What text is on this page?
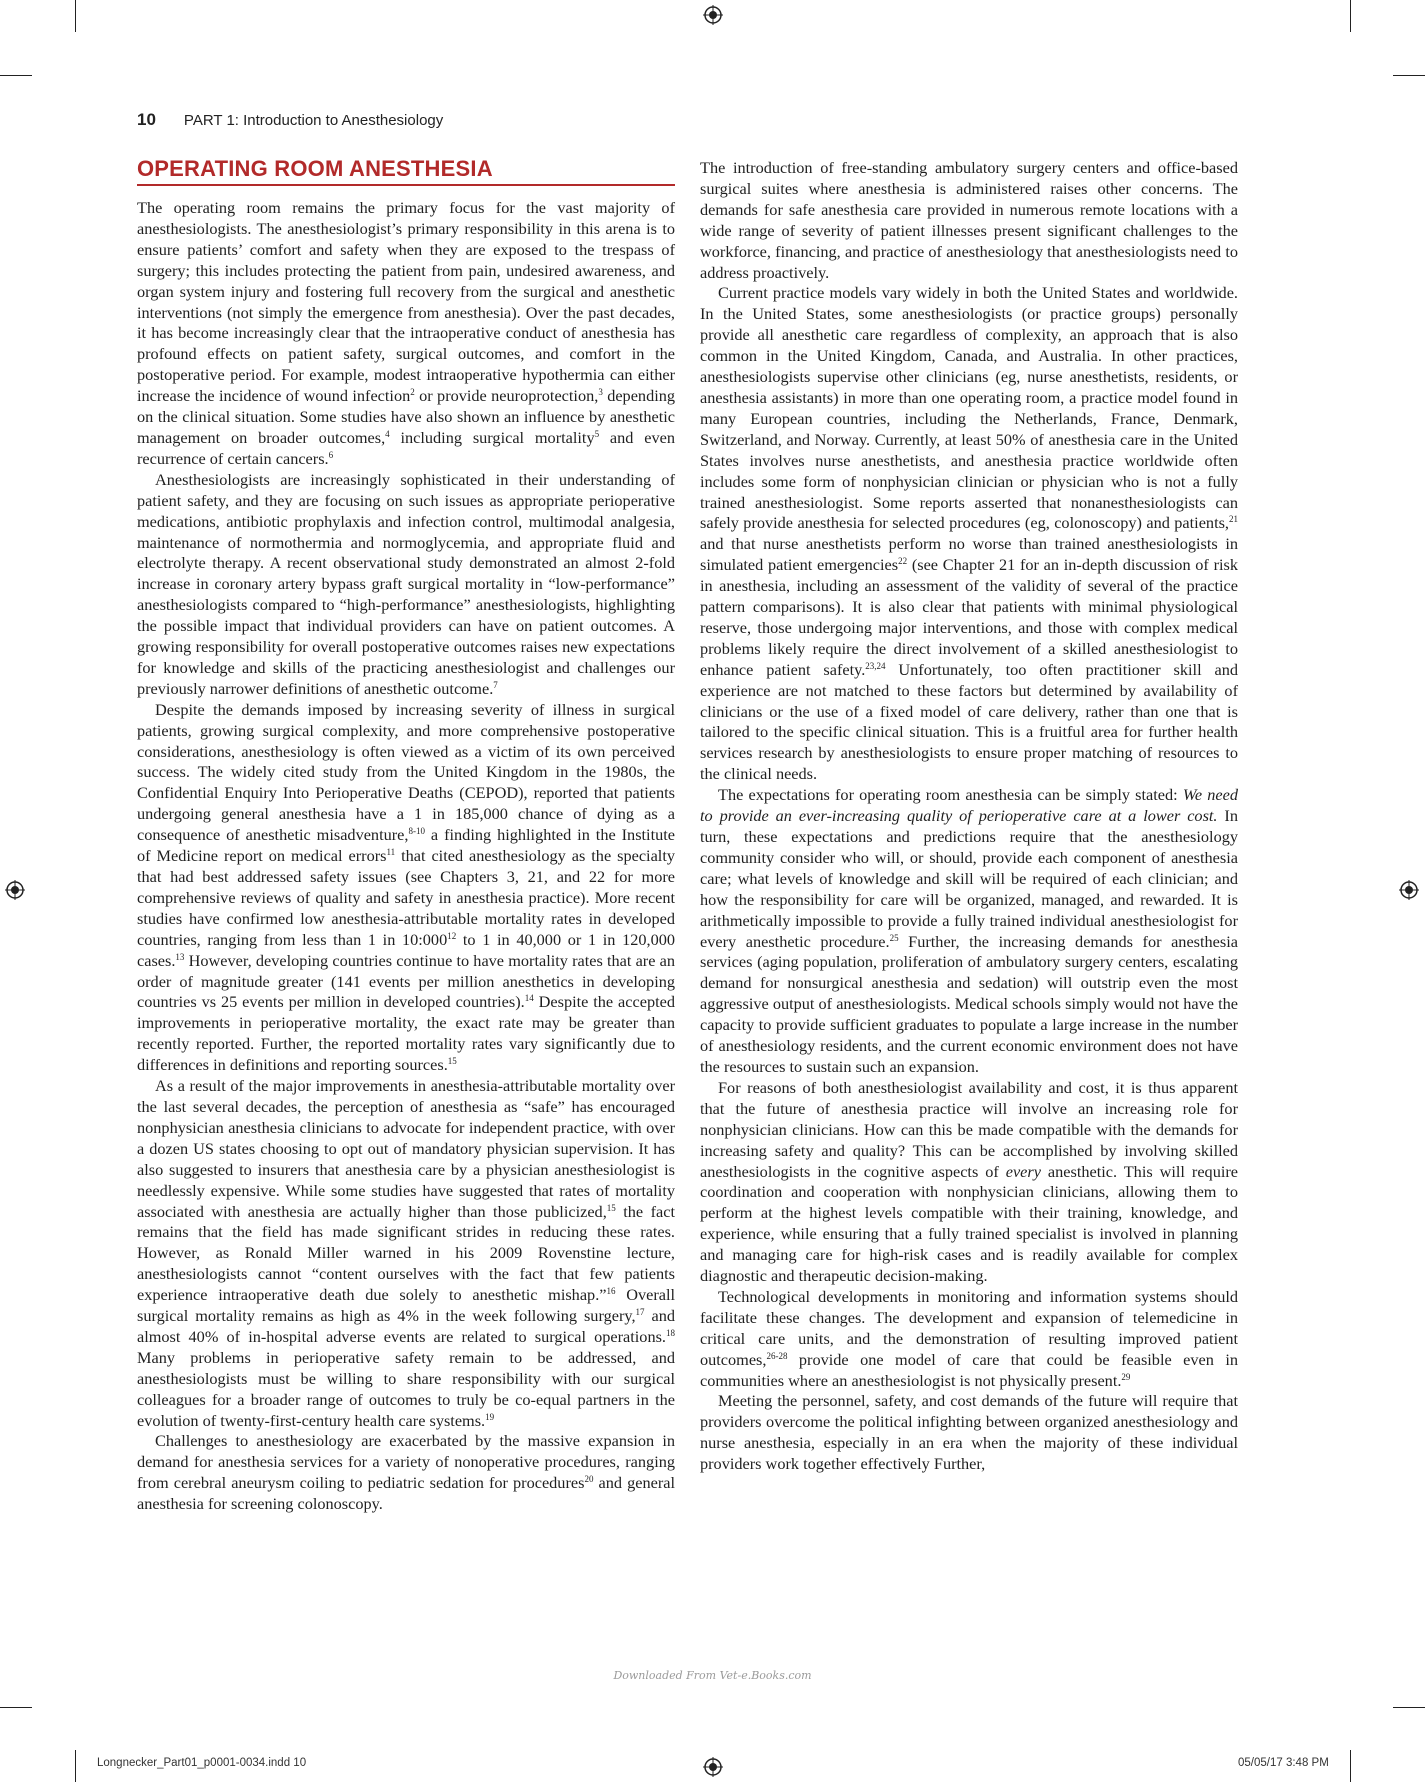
10 PART 1: Introduction to Anesthesiology
OPERATING ROOM ANESTHESIA

The operating room remains the primary focus for the vast majority of anesthesiologists. The anesthesiologist’s primary responsibility in this arena is to ensure patients’ comfort and safety when they are exposed to the trespass of surgery; this includes protecting the patient from pain, undesired awareness, and organ system injury and fostering full recovery from the surgical and anesthetic interventions (not simply the emergence from anesthesia). Over the past decades, it has become increasingly clear that the intraoperative conduct of anesthesia has profound effects on patient safety, surgical outcomes, and comfort in the postoperative period. For example, modest intraoperative hypothermia can either increase the incidence of wound infection$^2$ or provide neuroprotection,$^3$ depending on the clinical situation. Some studies have also shown an influence by anesthetic management on broader outcomes,$^4$ including surgical mortality$^5$ and even recurrence of certain cancers.$^6$

Anesthesiologists are increasingly sophisticated in their understanding of patient safety, and they are focusing on such issues as appropriate perioperative medications, antibiotic prophylaxis and infection control, multimodal analgesia, maintenance of normothermia and normoglycemia, and appropriate fluid and electrolyte therapy. A recent observational study demonstrated an almost 2-fold increase in coronary artery bypass graft surgical mortality in “low-performance” anesthesiologists compared to “high-performance” anesthesiologists, highlighting the possible impact that individual providers can have on patient outcomes. A growing responsibility for overall postoperative outcomes raises new expectations for knowledge and skills of the practicing anesthesiologist and challenges our previously narrower definitions of anesthetic outcome.$^7$

Despite the demands imposed by increasing severity of illness in surgical patients, growing surgical complexity, and more comprehensive postoperative considerations, anesthesiology is often viewed as a victim of its own perceived success. The widely cited study from the United Kingdom in the 1980s, the Confidential Enquiry Into Perioperative Deaths (CEPOD), reported that patients undergoing general anesthesia have a 1 in 185,000 chance of dying as a consequence of anesthetic misadventure,$^{8-10}$ a finding highlighted in the Institute of Medicine report on medical errors$^{11}$ that cited anesthesiology as the specialty that had best addressed safety issues (see Chapters 3, 21, and 22 for more comprehensive reviews of quality and safety in anesthesia practice). More recent studies have confirmed low anesthesia-attributable mortality rates in developed countries, ranging from less than 1 in $10:000^{12}$ to 1 in 40,000 or 1 in 120,000 cases.$^{13}$ However, developing countries continue to have mortality rates that are an order of magnitude greater (141 events per million anesthetics in developing countries vs 25 events per million in developed countries).$^{14}$ Despite the accepted improvements in perioperative mortality, the exact rate may be greater than recently reported. Further, the reported mortality rates vary significantly due to differences in definitions and reporting sources.$^{15}$

As a result of the major improvements in anesthesia-attributable mortality over the last several decades, the perception of anesthesia as “safe” has encouraged nonphysician anesthesia clinicians to advocate for independent practice, with over a dozen US states choosing to opt out of mandatory physician supervision. It has also suggested to insurers that anesthesia care by a physician anesthesiologist is needlessly expensive. While some studies have suggested that rates of mortality associated with anesthesia are actually higher than those publicized,$^{15}$ the fact remains that the field has made significant strides in reducing these rates. However, as Ronald Miller warned in his 2009 Rovenstine lecture, anesthesiologists cannot “content ourselves with the fact that few patients experience intraoperative death due solely to anesthetic mishap.”$^{16}$ Overall surgical mortality remains as high as 4% in the week following surgery,$^{17}$ and almost 40% of in-hospital adverse events are related to surgical operations.$^{18}$ Many problems in perioperative safety remain to be addressed, and anesthesiologists must be willing to share responsibility with our surgical colleagues for a broader range of outcomes to truly be co-equal partners in the evolution of twenty-first-century health care systems.$^{19}$

Challenges to anesthesiology are exacerbated by the massive expansion in demand for anesthesia services for a variety of nonoperative procedures, ranging from cerebral aneurysm coiling to pediatric sedation for procedures$^{20}$ and general anesthesia for screening colonoscopy.

The introduction of free-standing ambulatory surgery centers and office-based surgical suites where anesthesia is administered raises other concerns. The demands for safe anesthesia care provided in numerous remote locations with a wide range of severity of patient illnesses present significant challenges to the workforce, financing, and practice of anesthesiology that anesthesiologists need to address proactively.

Current practice models vary widely in both the United States and worldwide. In the United States, some anesthesiologists (or practice groups) personally provide all anesthetic care regardless of complexity, an approach that is also common in the United Kingdom, Canada, and Australia. In other practices, anesthesiologists supervise other clinicians (eg, nurse anesthetists, residents, or anesthesia assistants) in more than one operating room, a practice model found in many European countries, including the Netherlands, France, Denmark, Switzerland, and Norway. Currently, at least 50% of anesthesia care in the United States involves nurse anesthetists, and anesthesia practice worldwide often includes some form of nonphysician clinician or physician who is not a fully trained anesthesiologist. Some reports asserted that nonanesthesiologists can safely provide anesthesia for selected procedures (eg, colonoscopy) and patients,$^{21}$ and that nurse anesthetists perform no worse than trained anesthesiologists in simulated patient emergencies$^{22}$ (see Chapter 21 for an in-depth discussion of risk in anesthesia, including an assessment of the validity of several of the practice pattern comparisons). It is also clear that patients with minimal physiological reserve, those undergoing major interventions, and those with complex medical problems likely require the direct involvement of a skilled anesthesiologist to enhance patient safety.$^{23,24}$ Unfortunately, too often practitioner skill and experience are not matched to these factors but determined by availability of clinicians or the use of a fixed model of care delivery, rather than one that is tailored to the specific clinical situation. This is a fruitful area for further health services research by anesthesiologists to ensure proper matching of resources to the clinical needs.

The expectations for operating room anesthesia can be simply stated: We need to provide an ever-increasing quality of perioperative care at a lower cost. In turn, these expectations and predictions require that the anesthesiology community consider who will, or should, provide each component of anesthesia care; what levels of knowledge and skill will be required of each clinician; and how the responsibility for care will be organized, managed, and rewarded. It is arithmetically impossible to provide a fully trained individual anesthesiologist for every anesthetic procedure.$^{25}$ Further, the increasing demands for anesthesia services (aging population, proliferation of ambulatory surgery centers, escalating demand for nonsurgical anesthesia and sedation) will outstrip even the most aggressive output of anesthesiologists. Medical schools simply would not have the capacity to provide sufficient graduates to populate a large increase in the number of anesthesiology residents, and the current economic environment does not have the resources to sustain such an expansion.

For reasons of both anesthesiologist availability and cost, it is thus apparent that the future of anesthesia practice will involve an increasing role for nonphysician clinicians. How can this be made compatible with the demands for increasing safety and quality? This can be accomplished by involving skilled anesthesiologists in the cognitive aspects of every anesthetic. This will require coordination and cooperation with nonphysician clinicians, allowing them to perform at the highest levels compatible with their training, knowledge, and experience, while ensuring that a fully trained specialist is involved in planning and managing care for high-risk cases and is readily available for complex diagnostic and therapeutic decision-making.

Technological developments in monitoring and information systems should facilitate these changes. The development and expansion of telemedicine in critical care units, and the demonstration of resulting improved patient outcomes,$^{26-28}$ provide one model of care that could be feasible even in communities where an anesthesiologist is not physically present.$^{29}$

Meeting the personnel, safety, and cost demands of the future will require that providers overcome the political infighting between organized anesthesiology and nurse anesthesia, especially in an era when the majority of these individual providers work together effectively Further,

Downloaded From Vet-e.Books.com
Longnecker_Part01_p0001-0034.indd 10	05/05/17 3:48 PM
